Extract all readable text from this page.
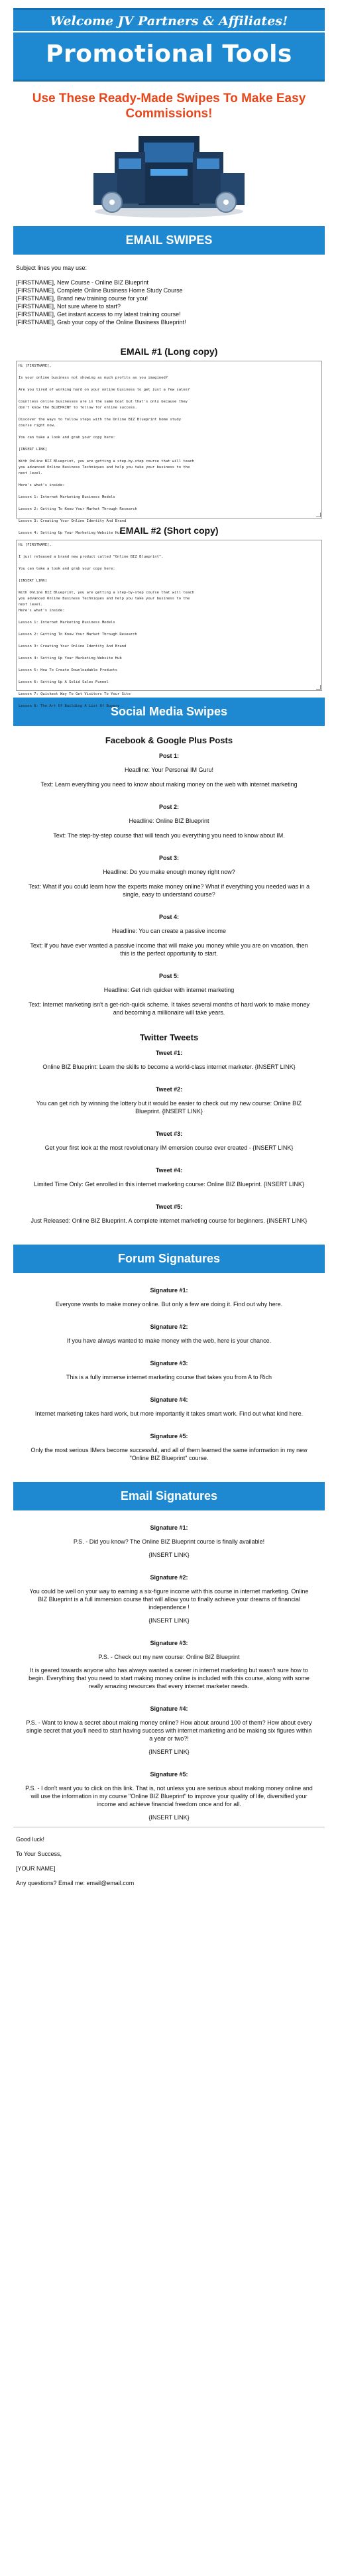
Welcome JV Partners & Affiliates!
Promotional Tools
Use These Ready-Made Swipes To Make Easy Commissions!
EMAIL SWIPES
Subject lines you may use:
[FIRSTNAME], New Course - Online BIZ Blueprint
[FIRSTNAME], Complete Online Business Home Study Course
[FIRSTNAME], Brand new training course for you!
[FIRSTNAME], Not sure where to start?
[FIRSTNAME], Get instant access to my latest training course!
[FIRSTNAME], Grab your copy of the Online Business Blueprint!
EMAIL #1 (Long copy)
Hi [FIRSTNAME],

Is your online business not showing as much profits as you imagined?

Are you tired of working hard on your online business to get just a few sales?

Countless online businesses are in the same boat but that's only because they
don't know the BLUEPRINT to follow for online success.

Discover the ways to follow steps with the Online BIZ Blueprint home study
course right now.

You can take a look and grab your copy here:

[INSERT LINK]

With Online BIZ Blueprint, you are getting a step-by-step course that will teach
you advanced Online Business Techniques and help you take your business to the
next level.

Here's what's inside:

Lesson 1: Internet Marketing Business Models

Lesson 2: Getting To Know Your Market Through Research

Lesson 3: Creating Your Online Identity And Brand

Lesson 4: Setting Up Your Marketing Website Hub
EMAIL #2 (Short copy)
Hi [FIRSTNAME],

I just released a brand new product called "Online BIZ Blueprint".

You can take a look and grab your copy here:

[INSERT LINK]

With Online BIZ Blueprint, you are getting a step-by-step course that will teach
you advanced Online Business Techniques and help you take your business to the
next level.
Here's what's inside:

Lesson 1: Internet Marketing Business Models

Lesson 2: Getting To Know Your Market Through Research

Lesson 3: Creating Your Online Identity And Brand

Lesson 4: Setting Up Your Marketing Website Hub

Lesson 5: How To Create Downloadable Products

Lesson 6: Setting Up A Solid Sales Funnel

Lesson 7: Quickest Way To Get Visitors To Your Site

Lesson 8: The Art Of Building A List Of Buyers
Social Media Swipes
Facebook & Google Plus Posts
Post 1:
Headline: Your Personal IM Guru!
Text: Learn everything you need to know about making money on the web with internet marketing
Post 2:
Headline: Online BIZ Blueprint
Text: The step-by-step course that will teach you everything you need to know about IM.
Post 3:
Headline: Do you make enough money right now?
Text: What if you could learn how the experts make money online? What if everything you needed was in a single, easy to understand course?
Post 4:
Headline: You can create a passive income
Text: If you have ever wanted a passive income that will make you money while you are on vacation, then this is the perfect opportunity to start.
Post 5:
Headline: Get rich quicker with internet marketing
Text: Internet marketing isn't a get-rich-quick scheme. It takes several months of hard work to make money and becoming a millionaire will take years.
Twitter Tweets
Tweet #1:
Online BIZ Blueprint: Learn the skills to become a world-class internet marketer. {INSERT LINK}
Tweet #2:
You can get rich by winning the lottery but it would be easier to check out my new course: Online BIZ Blueprint. {INSERT LINK}
Tweet #3:
Get your first look at the most revolutionary IM emersion course ever created - {INSERT LINK}
Tweet #4:
Limited Time Only: Get enrolled in this internet marketing course: Online BIZ Blueprint. {INSERT LINK}
Tweet #5:
Just Released: Online BIZ Blueprint. A complete internet marketing course for beginners. {INSERT LINK}
Forum Signatures
Signature #1:
Everyone wants to make money online. But only a few are doing it. Find out why here.
Signature #2:
If you have always wanted to make money with the web, here is your chance.
Signature #3:
This is a fully immerse internet marketing course that takes you from A to Rich
Signature #4:
Internet marketing takes hard work, but more importantly it takes smart work. Find out what kind here.
Signature #5:
Only the most serious IMers become successful, and all of them learned the same information in my new "Online BIZ Blueprint" course.
Email Signatures
Signature #1:
P.S. - Did you know? The Online BIZ Blueprint course is finally available!
{INSERT LINK}
Signature #2:
You could be well on your way to earning a six-figure income with this course in internet marketing. Online BIZ Blueprint is a full immersion course that will allow you to finally achieve your dreams of financial independence !
{INSERT LINK}
Signature #3:
P.S. - Check out my new course: Online BIZ Blueprint
It is geared towards anyone who has always wanted a career in internet marketing but wasn't sure how to begin. Everything that you need to start making money online is included with this course, along with some really amazing resources that every internet marketer needs.
Signature #4:
P.S. - Want to know a secret about making money online? How about around 100 of them? How about every single secret that you'll need to start having success with internet marketing and be making six figures within a year or two?!
{INSERT LINK}
Signature #5:
P.S. - I don't want you to click on this link. That is, not unless you are serious about making money online and will use the information in my course "Online BIZ Blueprint" to improve your quality of life, diversified your income and achieve financial freedom once and for all.
{INSERT LINK}
Good luck!
To Your Success,
[YOUR NAME]
Any questions? Email me: email@email.com
